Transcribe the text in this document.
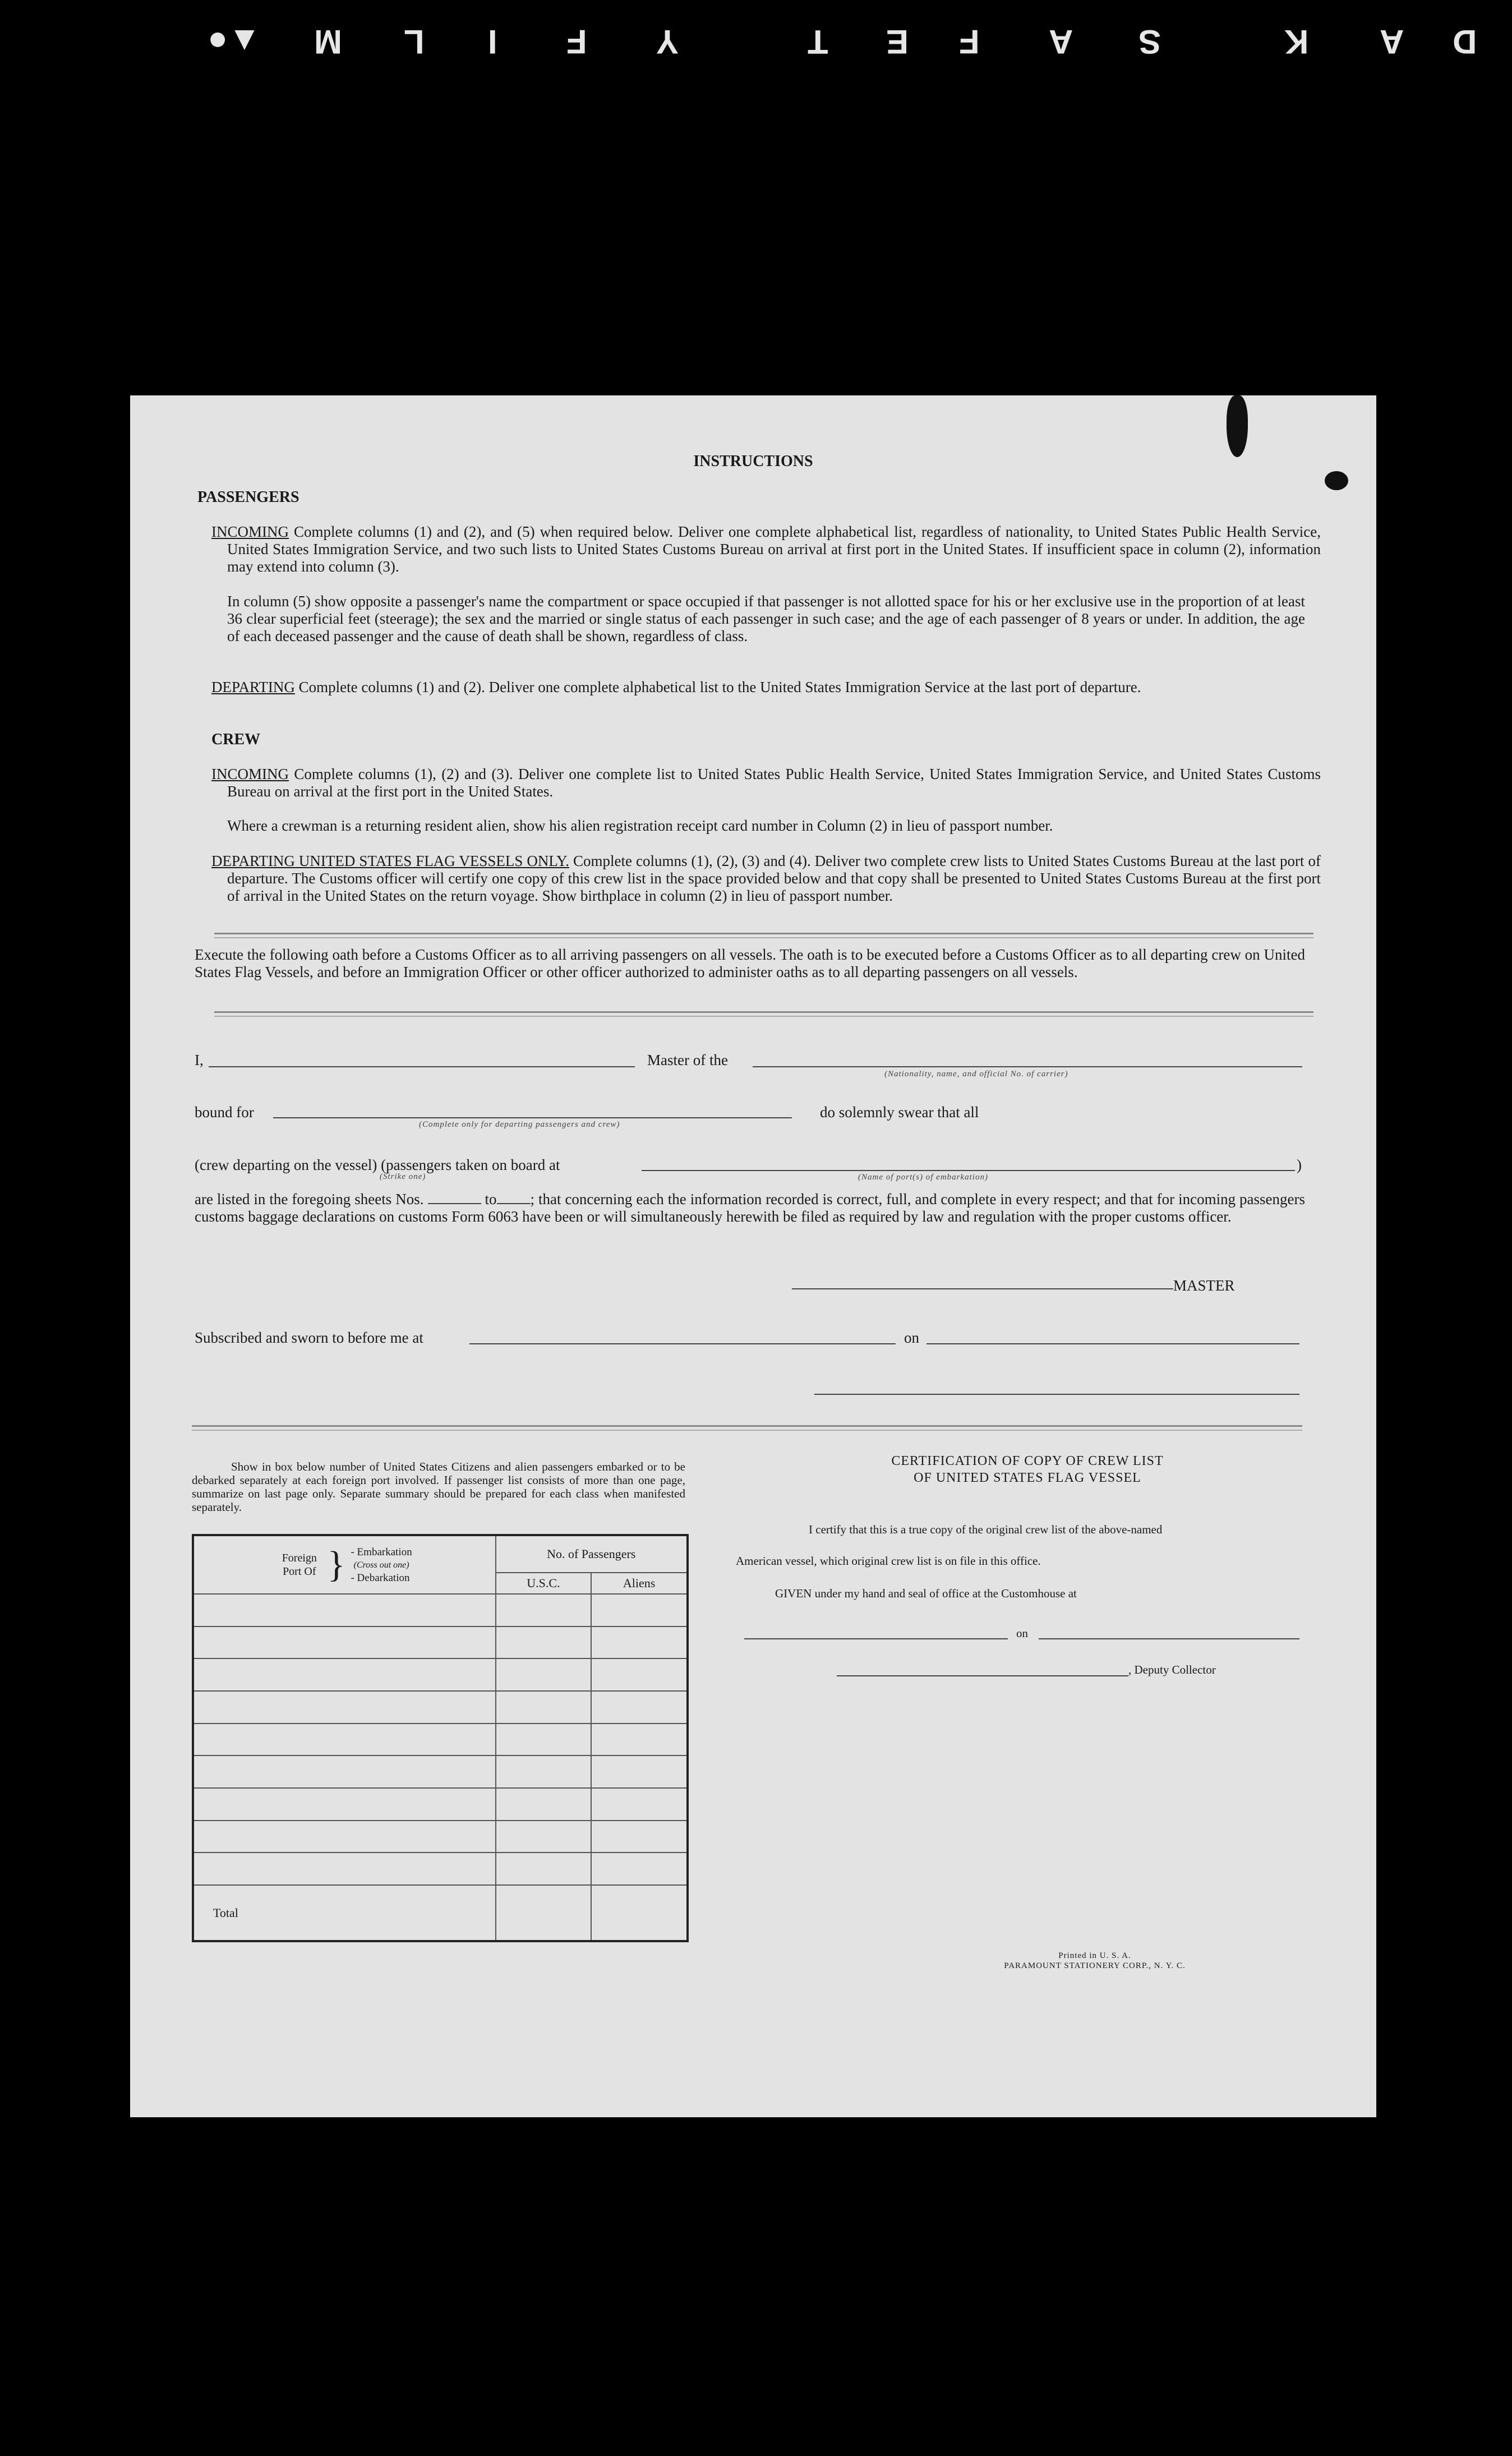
D
A
K
S
A
F
E
T
Y
F
I
L
M
▲●
INSTRUCTIONS
PASSENGERS
INCOMING Complete columns (1) and (2), and (5) when required below. Deliver one complete alphabetical list, regardless of nationality, to United States Public Health Service, United States Immigration Service, and two such lists to United States Customs Bureau on arrival at first port in the United States. If insufficient space in column (2), information may extend into column (3).
In column (5) show opposite a passenger's name the compartment or space occupied if that passenger is not allotted space for his or her exclusive use in the proportion of at least 36 clear superficial feet (steerage); the sex and the married or single status of each passenger in such case; and the age of each passenger of 8 years or under. In addition, the age of each deceased passenger and the cause of death shall be shown, regardless of class.
DEPARTING Complete columns (1) and (2). Deliver one complete alphabetical list to the United States Immigration Service at the last port of departure.
CREW
INCOMING Complete columns (1), (2) and (3). Deliver one complete list to United States Public Health Service, United States Immigration Service, and United States Customs Bureau on arrival at the first port in the United States.
Where a crewman is a returning resident alien, show his alien registration receipt card number in Column (2) in lieu of passport number.
DEPARTING UNITED STATES FLAG VESSELS ONLY. Complete columns (1), (2), (3) and (4). Deliver two complete crew lists to United States Customs Bureau at the last port of departure. The Customs officer will certify one copy of this crew list in the space provided below and that copy shall be presented to United States Customs Bureau at the first port of arrival in the United States on the return voyage. Show birthplace in column (2) in lieu of passport number.
Execute the following oath before a Customs Officer as to all arriving passengers on all vessels. The oath is to be executed before a Customs Officer as to all departing crew on United States Flag Vessels, and before an Immigration Officer or other officer authorized to administer oaths as to all departing passengers on all vessels.
I,	Master of the
(Nationality, name, and official No. of carrier)
bound for
(Complete only for departing passengers and crew)
do solemnly swear that all
(crew departing on the vessel) (passengers taken on board at
(Strike one)	(Name of port(s) of embarkation)
)
are listed in the foregoing sheets Nos.	to ; that concerning each the information recorded is correct, full, and complete in every respect; and that for incoming passengers customs baggage declarations on customs Form 6063 have been or will simultaneously herewith be filed as required by law and regulation with the proper customs officer.
MASTER
Subscribed and sworn to before me at	on
Show in box below number of United States Citizens and alien passengers embarked or to be debarked separately at each foreign port involved. If passenger list consists of more than one page, summarize on last page only. Separate summary should be prepared for each class when manifested separately.
Foreign Port Of } - Embarkation
(Cross out one)
- Debarkation	No. of Passengers	
	U.S.C.	Aliens

Total		
CERTIFICATION OF COPY OF CREW LIST
OF UNITED STATES FLAG VESSEL
I certify that this is a true copy of the original crew list of the above-named
American vessel, which original crew list is on file in this office.
GIVEN under my hand and seal of office at the Customhouse at
on
, Deputy Collector
Printed in U. S. A.
PARAMOUNT STATIONERY CORP., N. Y. C.
